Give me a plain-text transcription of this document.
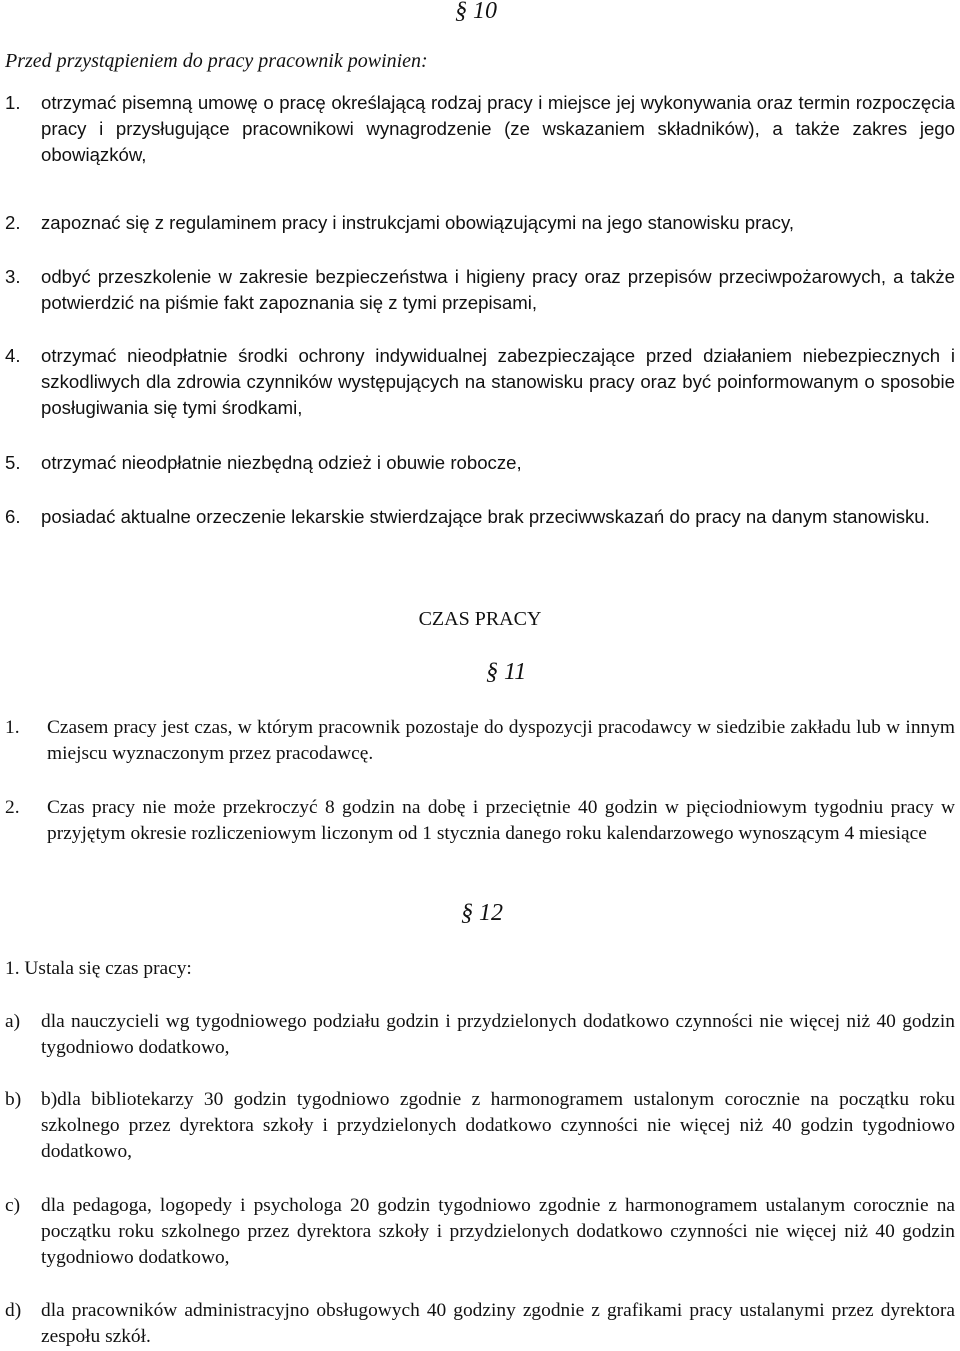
§ 10
Przed przystąpieniem do pracy pracownik powinien:
1. otrzymać pisemną umowę o pracę określającą rodzaj pracy i miejsce jej wykonywania oraz termin rozpoczęcia pracy i przysługujące pracownikowi wynagrodzenie (ze wskazaniem składników), a także zakres jego obowiązków,
2. zapoznać się z regulaminem pracy i instrukcjami obowiązującymi na jego stanowisku pracy,
3. odbyć przeszkolenie w zakresie bezpieczeństwa i higieny pracy oraz przepisów przeciwpożarowych, a także potwierdzić na piśmie fakt zapoznania się z tymi przepisami,
4. otrzymać nieodpłatnie środki ochrony indywidualnej zabezpieczające przed działaniem niebezpiecznych i szkodliwych dla zdrowia czynników występujących na stanowisku pracy oraz być poinformowanym o sposobie posługiwania się tymi środkami,
5. otrzymać nieodpłatnie niezbędną odzież i obuwie robocze,
6. posiadać aktualne orzeczenie lekarskie stwierdzające brak przeciwwskazań do pracy na danym stanowisku.
CZAS PRACY
§ 11
1. Czasem pracy jest czas, w którym pracownik pozostaje do dyspozycji pracodawcy w siedzibie zakładu lub w innym miejscu wyznaczonym przez pracodawcę.
2. Czas pracy nie może przekroczyć 8 godzin na dobę i przeciętnie 40 godzin w pięciodniowym tygodniu pracy w przyjętym okresie rozliczeniowym liczonym od 1 stycznia danego roku kalendarzowego wynoszącym 4 miesiące
§ 12
1. Ustala się czas pracy:
a) dla nauczycieli wg tygodniowego podziału godzin i przydzielonych dodatkowo czynności nie więcej niż 40 godzin tygodniowo dodatkowo,
b) b)dla bibliotekarzy 30 godzin tygodniowo zgodnie z harmonogramem ustalonym corocznie na początku roku szkolnego przez dyrektora szkoły i przydzielonych dodatkowo czynności nie więcej niż 40 godzin tygodniowo dodatkowo,
c) dla pedagoga, logopedy i psychologa 20 godzin tygodniowo zgodnie z harmonogramem ustalanym corocznie na początku roku szkolnego przez dyrektora szkoły i przydzielonych dodatkowo czynności nie więcej niż 40 godzin tygodniowo dodatkowo,
d) dla pracowników administracyjno obsługowych 40 godziny zgodnie z grafikami pracy ustalanymi przez dyrektora zespołu szkół.
